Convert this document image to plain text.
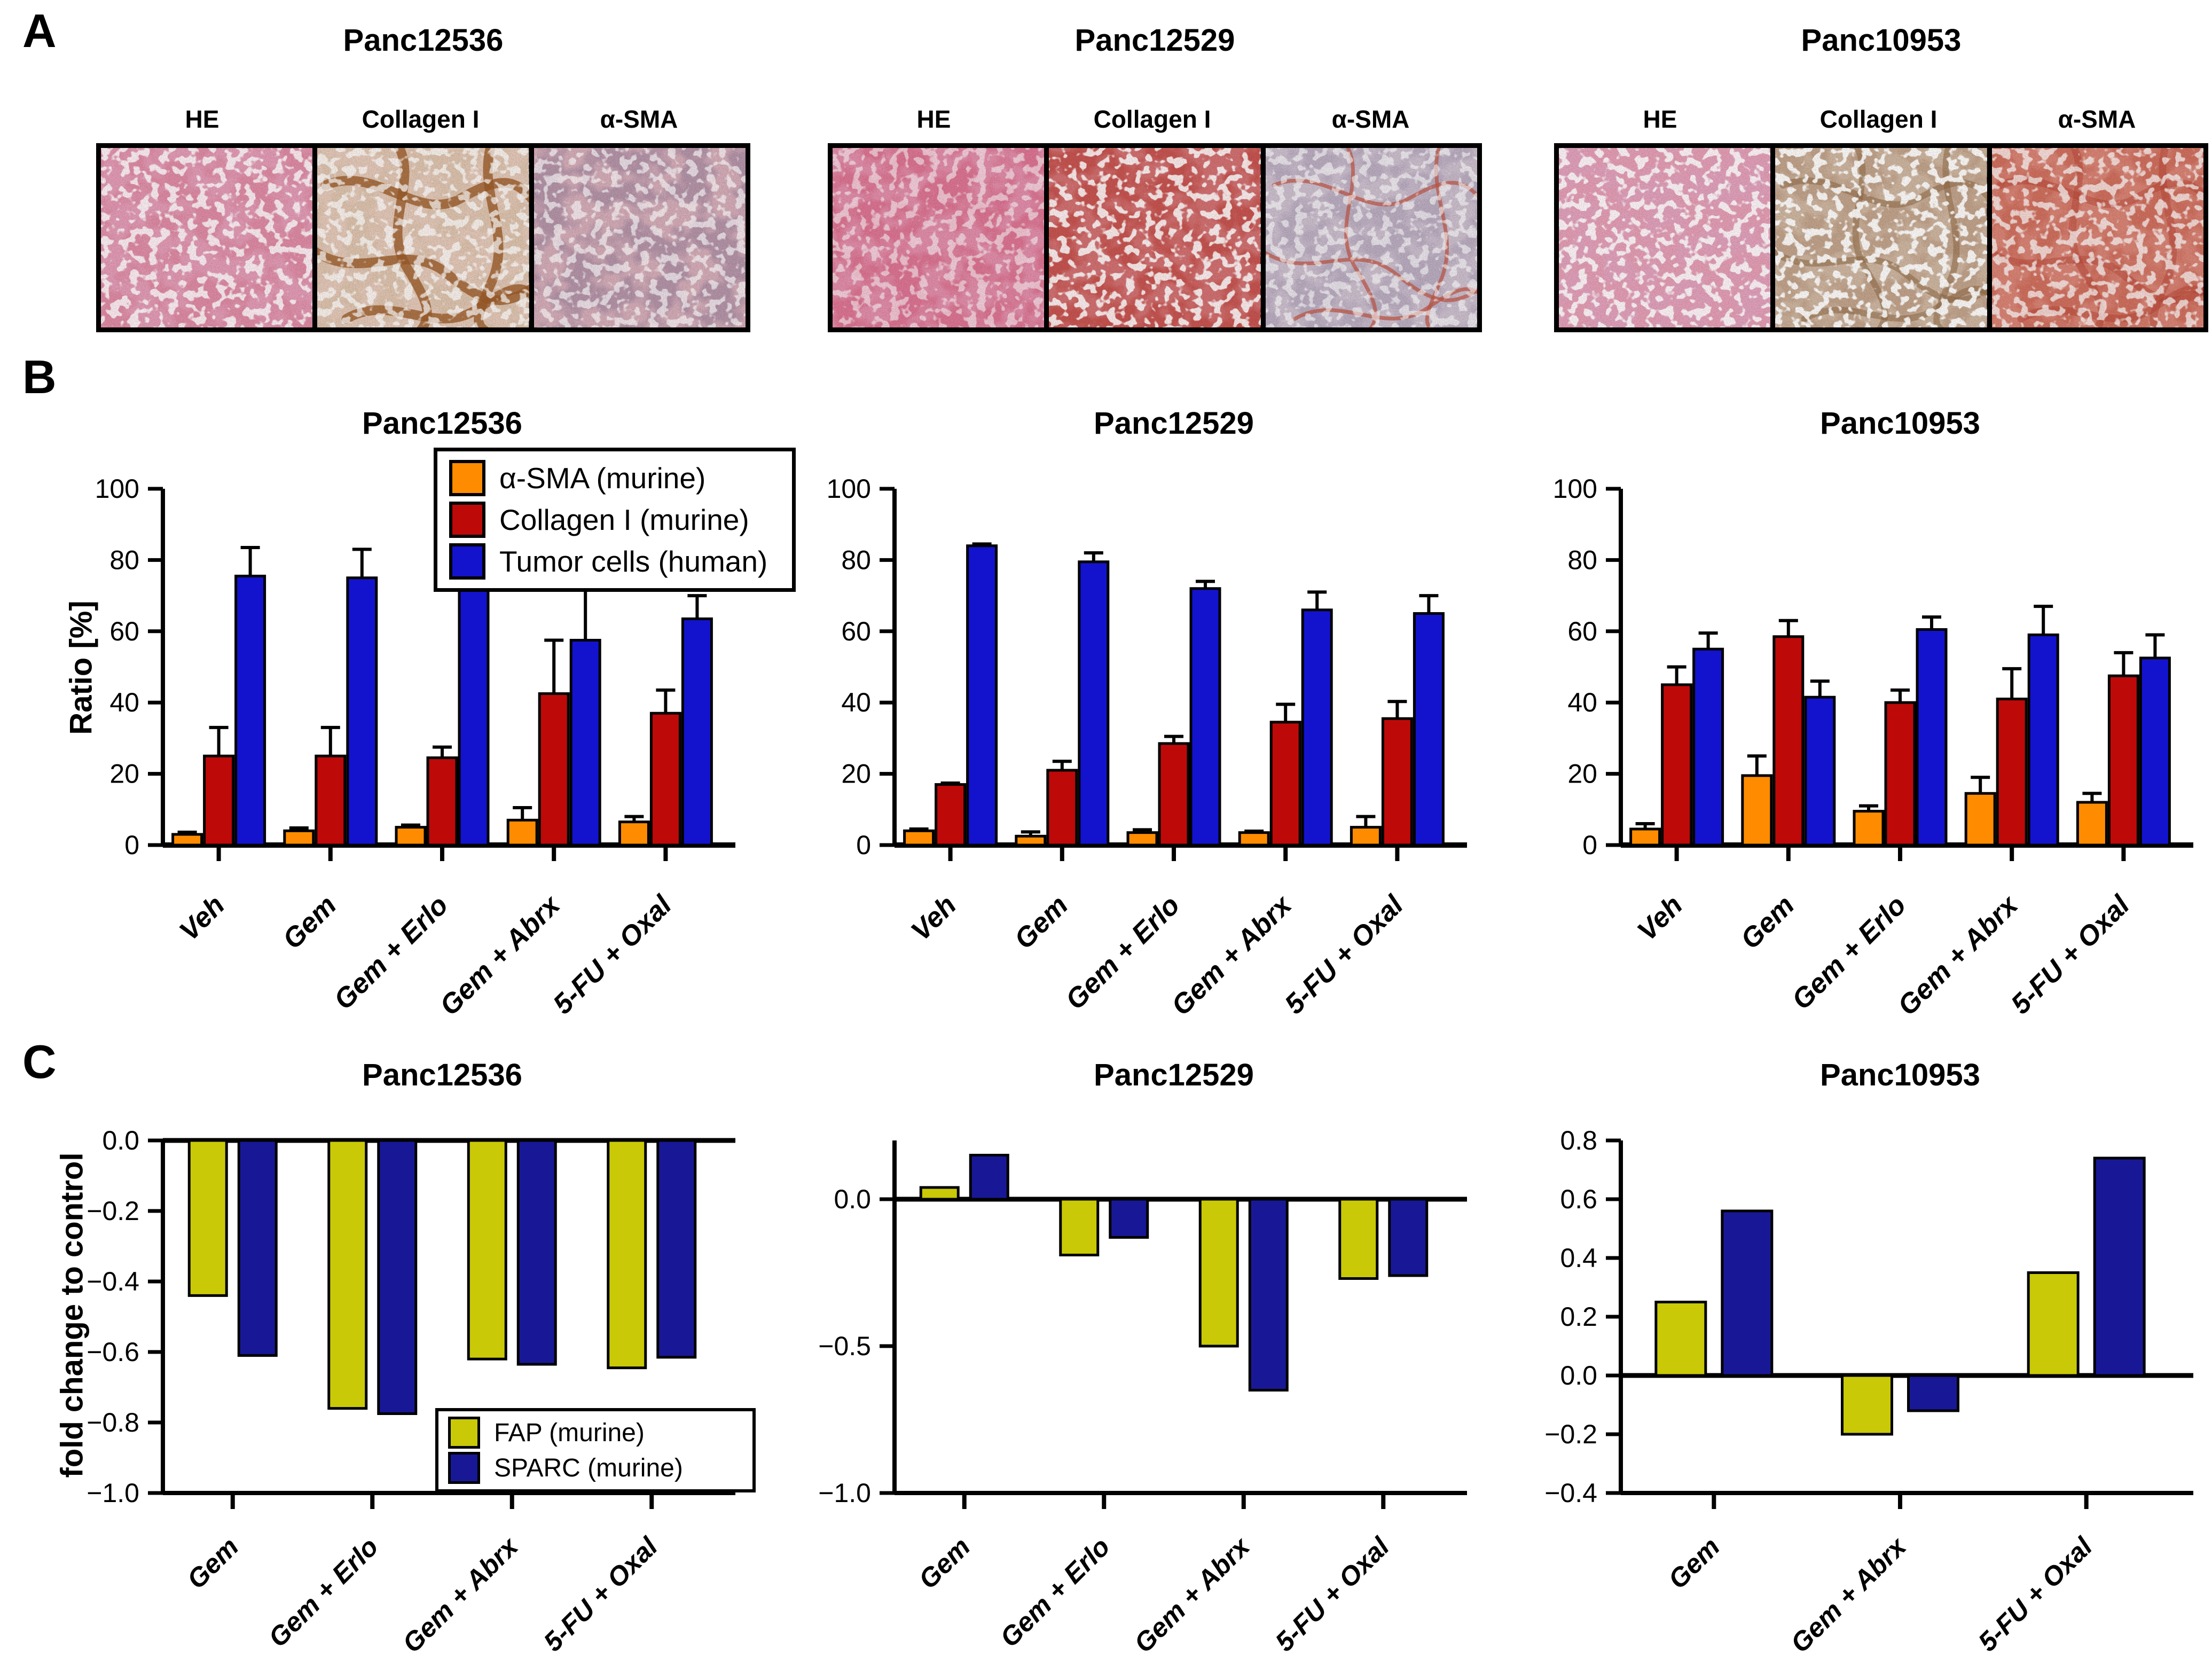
A
B
C
Panc12536
HE	Collagen I	α-SMA
Panc12529
HE	Collagen I	α-SMA
Panc10953
HE	Collagen I	α-SMA
Panc12536
0
20
40
60
80
100
Veh Gem
Gem + Erlo
Gem + Abrx
5-FU + Oxal
Panc12529
0
20
40
60
80
100
Veh Gem
Gem + Erlo
Gem + Abrx
5-FU + Oxal
Panc10953
0
20
40
60
80
100
Veh Gem
Gem + Erlo
Gem + Abrx
5-FU + Oxal
Panc12536
0.0
−0.2
−0.4
−0.6
−0.8
−1.0
Gem Gem + Erlo Gem + Abrx 5-FU + Oxal
Panc12529
0.0
−0.5
−1.0
Gem Gem + Erlo Gem + Abrx 5-FU + Oxal
Panc10953
0.8
0.6
0.4
0.2
0.0
−0.2
−0.4
Gem Gem + Abrx 5-FU + Oxal
Ratio [%]
fold change to control
α-SMA (murine)
Collagen I (murine)
Tumor cells (human)
FAP (murine)
SPARC (murine)
